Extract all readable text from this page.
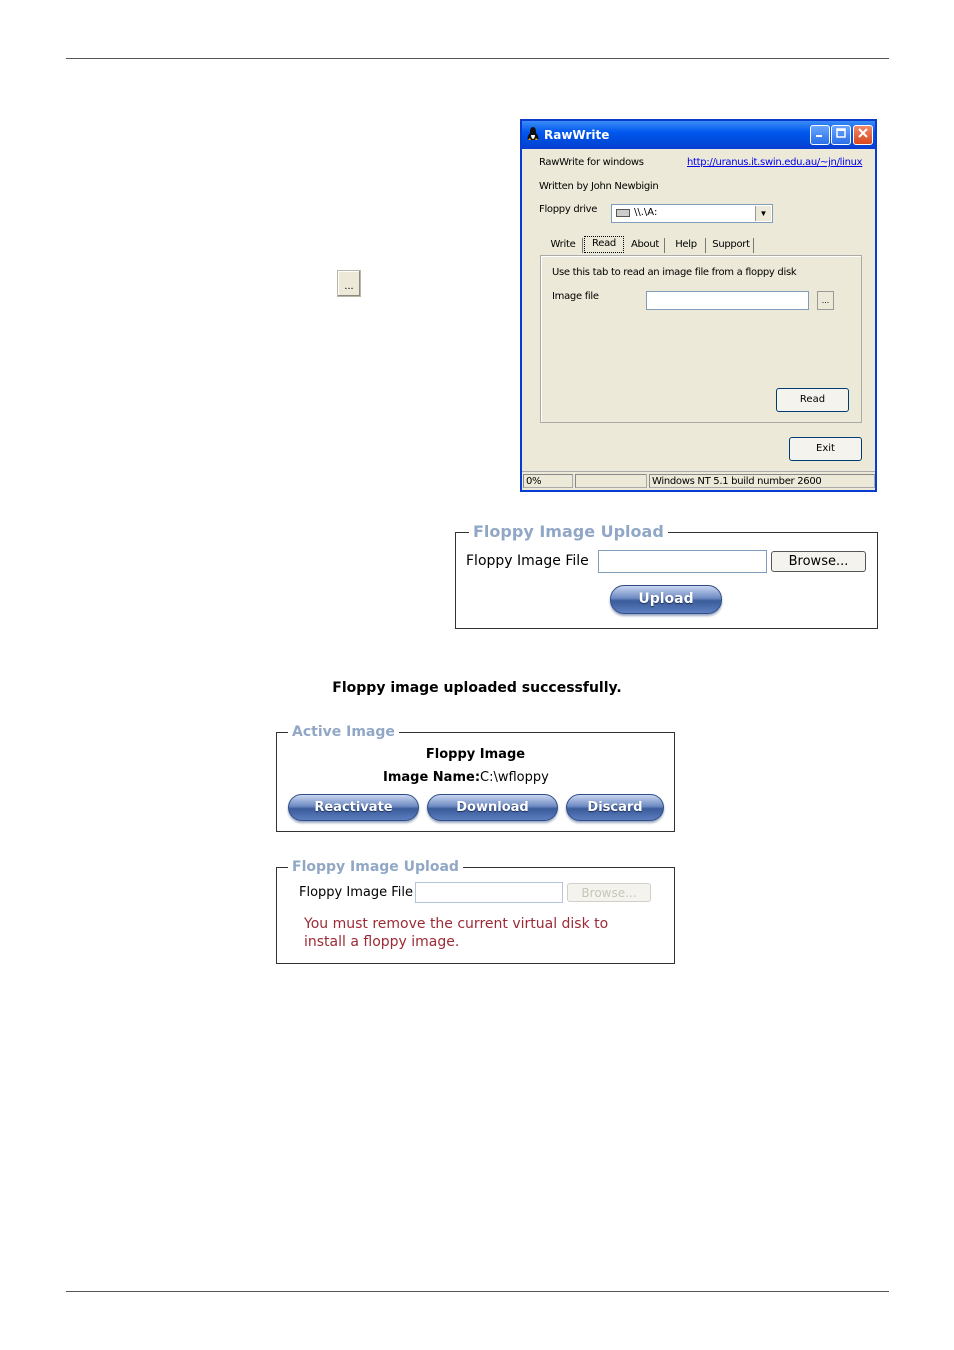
...
RawWrite
RawWrite for windows	http://uranus.it.swin.edu.au/~jn/linux
Written by John Newbigin
Floppy drive	\\.\A:	▼
Write	Read	About	Help	Support
Use this tab to read an image file from a floppy disk
Image file	...
Read
Exit
0%	Windows NT 5.1 build number 2600
Floppy Image Upload
Floppy Image File	Browse...
Upload
Floppy image uploaded successfully.
Active Image
Floppy Image
Image Name: C:\wfloppy
Reactivate	Download	Discard
Floppy Image Upload
Floppy Image File	Browse...
You must remove the current virtual disk to install a floppy image.
